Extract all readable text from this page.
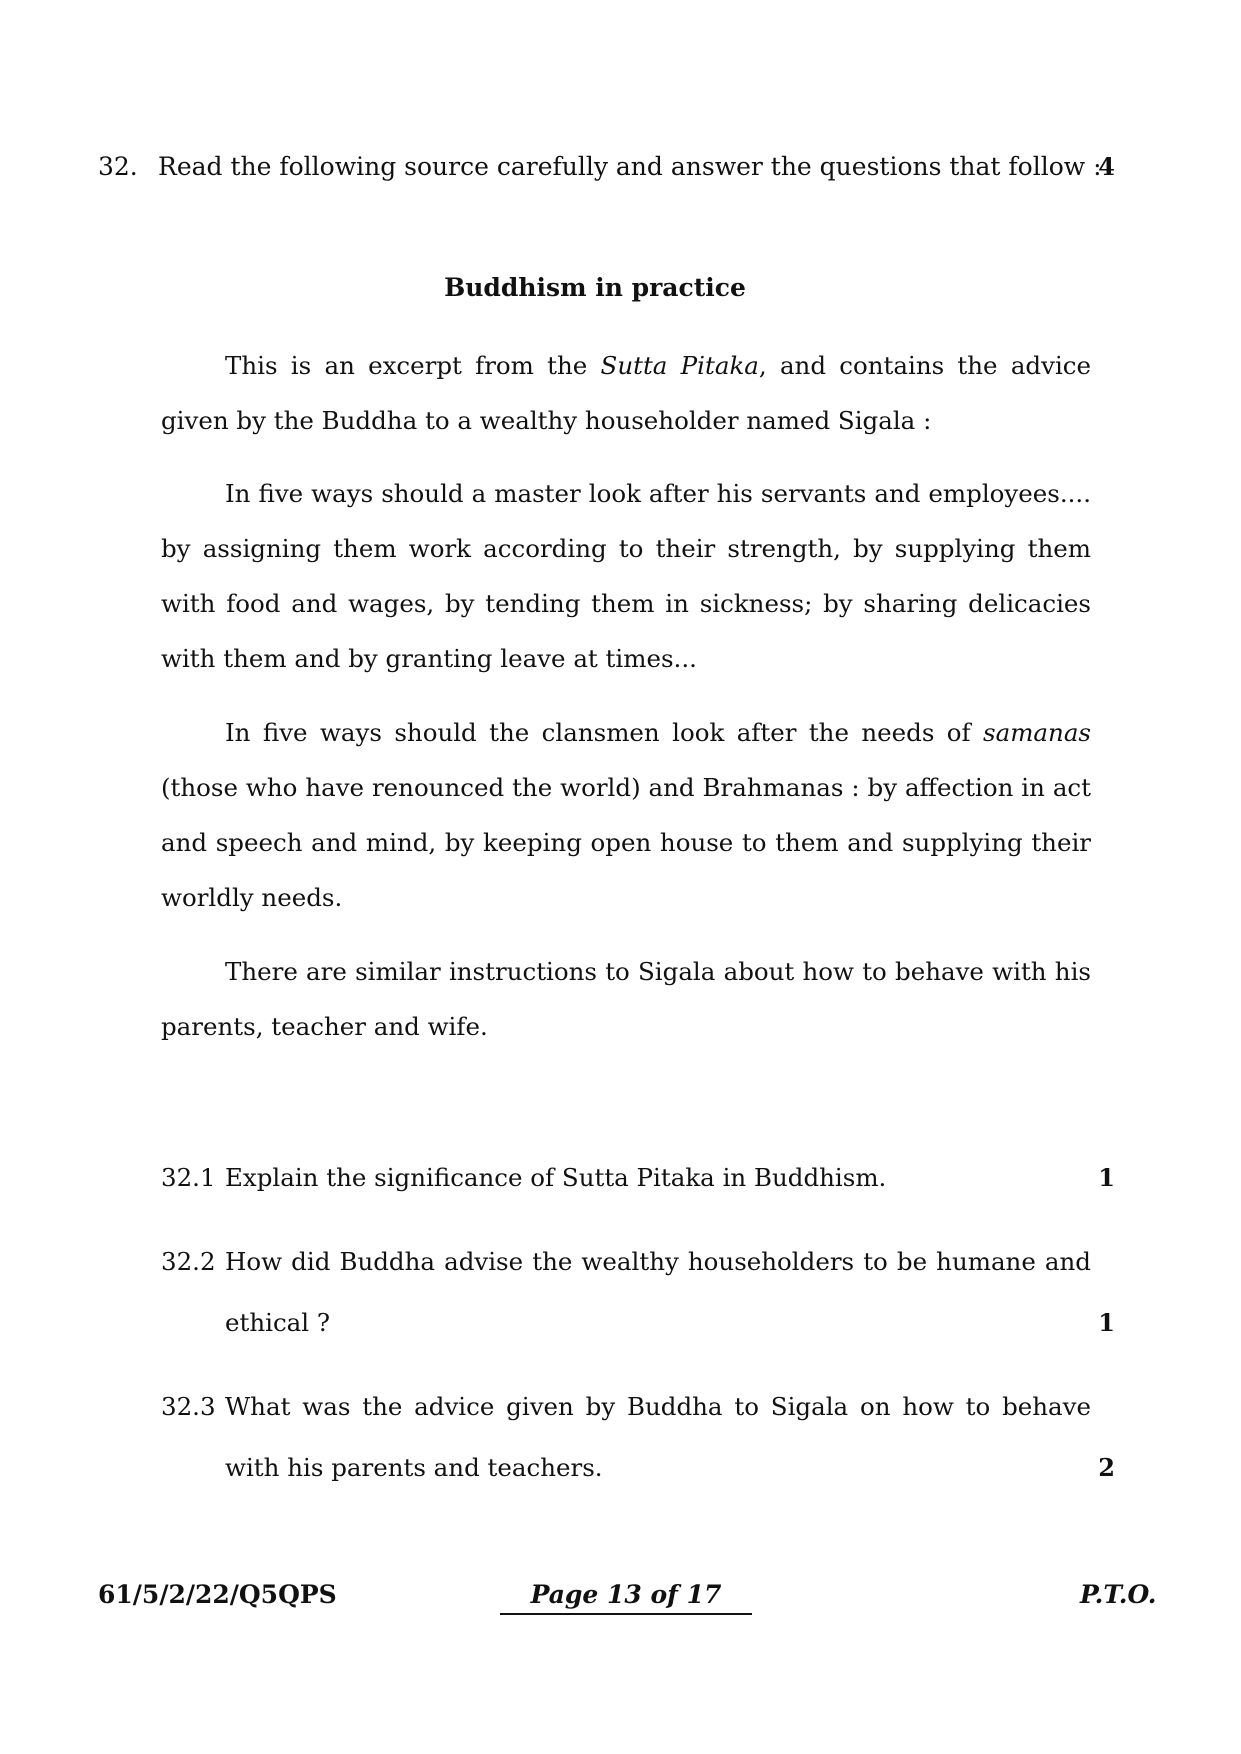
32. Read the following source carefully and answer the questions that follow :
4
Buddhism in practice

This is an excerpt from the Sutta Pitaka, and contains the advice given by the Buddha to a wealthy householder named Sigala :

In five ways should a master look after his servants and employees.... by assigning them work according to their strength, by supplying them with food and wages, by tending them in sickness; by sharing delicacies with them and by granting leave at times...

In five ways should the clansmen look after the needs of samanas (those who have renounced the world) and Brahmanas : by affection in act and speech and mind, by keeping open house to them and supplying their worldly needs.

There are similar instructions to Sigala about how to behave with his parents, teacher and wife.

32.1 Explain the significance of Sutta Pitaka in Buddhism.	1
32.2 How did Buddha advise the wealthy householders to be humane and
ethical ?	1
32.3 What was the advice given by Buddha to Sigala on how to behave
with his parents and teachers.	2
61/5/2/22/Q5QPS	Page 13 of 17	P.T.O.
